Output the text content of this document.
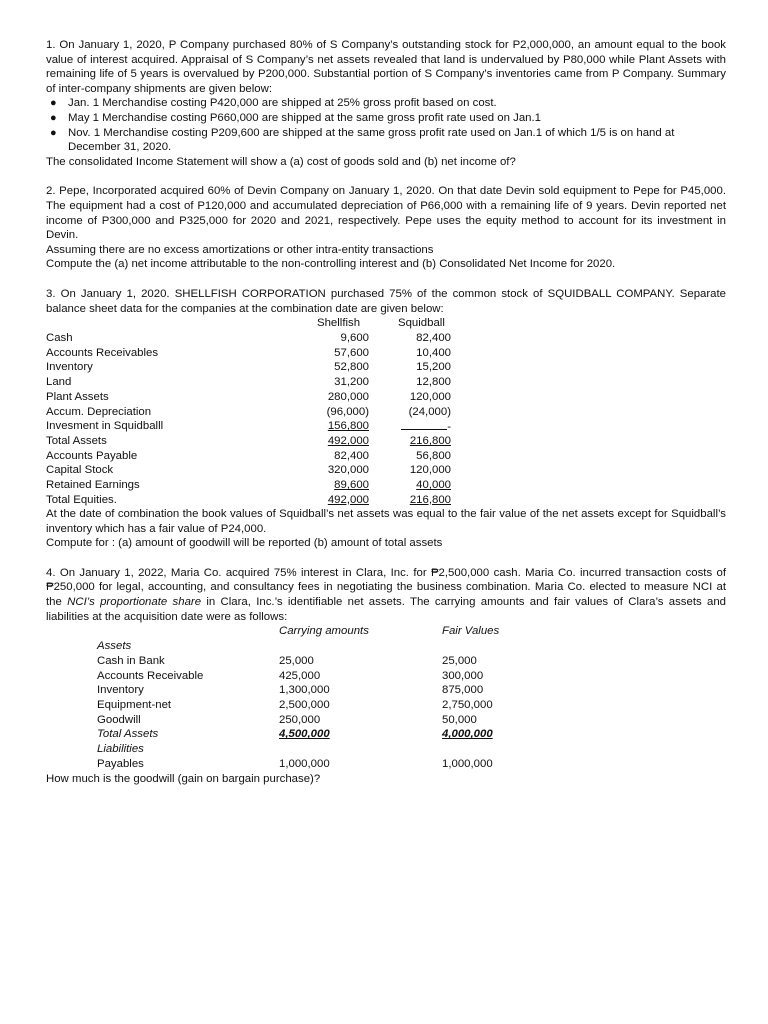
1. On January 1, 2020, P Company purchased 80% of S Company’s outstanding stock for P2,000,000, an amount equal to the book value of interest acquired. Appraisal of S Company’s net assets revealed that land is undervalued by P80,000 while Plant Assets with remaining life of 5 years is overvalued by P200,000. Substantial portion of S Company’s inventories came from P Company. Summary of inter-company shipments are given below:

● Jan. 1 Merchandise costing P420,000 are shipped at 25% gross profit based on cost.
● May 1 Merchandise costing P660,000 are shipped at the same gross profit rate used on Jan.1
● Nov. 1 Merchandise costing P209,600 are shipped at the same gross profit rate used on Jan.1 of which 1/5 is on hand at December 31, 2020.

The consolidated Income Statement will show a (a) cost of goods sold and (b) net income of?

2. Pepe, Incorporated acquired 60% of Devin Company on January 1, 2020. On that date Devin sold equipment to Pepe for P45,000. The equipment had a cost of P120,000 and accumulated depreciation of P66,000 with a remaining life of 9 years. Devin reported net income of P300,000 and P325,000 for 2020 and 2021, respectively. Pepe uses the equity method to account for its investment in Devin.

Assuming there are no excess amortizations or other intra-entity transactions

Compute the (a) net income attributable to the non-controlling interest and (b) Consolidated Net Income for 2020.

3. On January 1, 2020. SHELLFISH CORPORATION purchased 75% of the common stock of SQUIDBALL COMPANY. Separate balance sheet data for the companies at the combination date are given below:

Shellfish	Squidball
Cash	9,600	82,400
Accounts Receivables	57,600	10,400
Inventory	52,800	15,200
Land	31,200	12,800
Plant Assets	280,000	120,000
Accum. Depreciation	(96,000)	(24,000)
Invesment in Squidballl	156,800	-
Total Assets	492,000	216,800
Accounts Payable	82,400	56,800
Capital Stock	320,000	120,000
Retained Earnings	89,600	40,000
Total Equities.	492,000	216,800

At the date of combination the book values of Squidball’s net assets was equal to the fair value of the net assets except for Squidball’s inventory which has a fair value of P24,000.

Compute for : (a) amount of goodwill will be reported (b) amount of total assets

4. On January 1, 2022, Maria Co. acquired 75% interest in Clara, Inc. for ₱2,500,000 cash. Maria Co. incurred transaction costs of ₱250,000 for legal, accounting, and consultancy fees in negotiating the business combination. Maria Co. elected to measure NCI at the NCI’s proportionate share in Clara, Inc.’s identifiable net assets. The carrying amounts and fair values of Clara’s assets and liabilities at the acquisition date were as follows:

Carrying amounts	Fair Values
Assets
Cash in Bank	25,000	25,000
Accounts Receivable	425,000	300,000
Inventory	1,300,000	875,000
Equipment-net	2,500,000	2,750,000
Goodwill	250,000	50,000
Total Assets	4,500,000	4,000,000
Liabilities
Payables	1,000,000	1,000,000

How much is the goodwill (gain on bargain purchase)?
